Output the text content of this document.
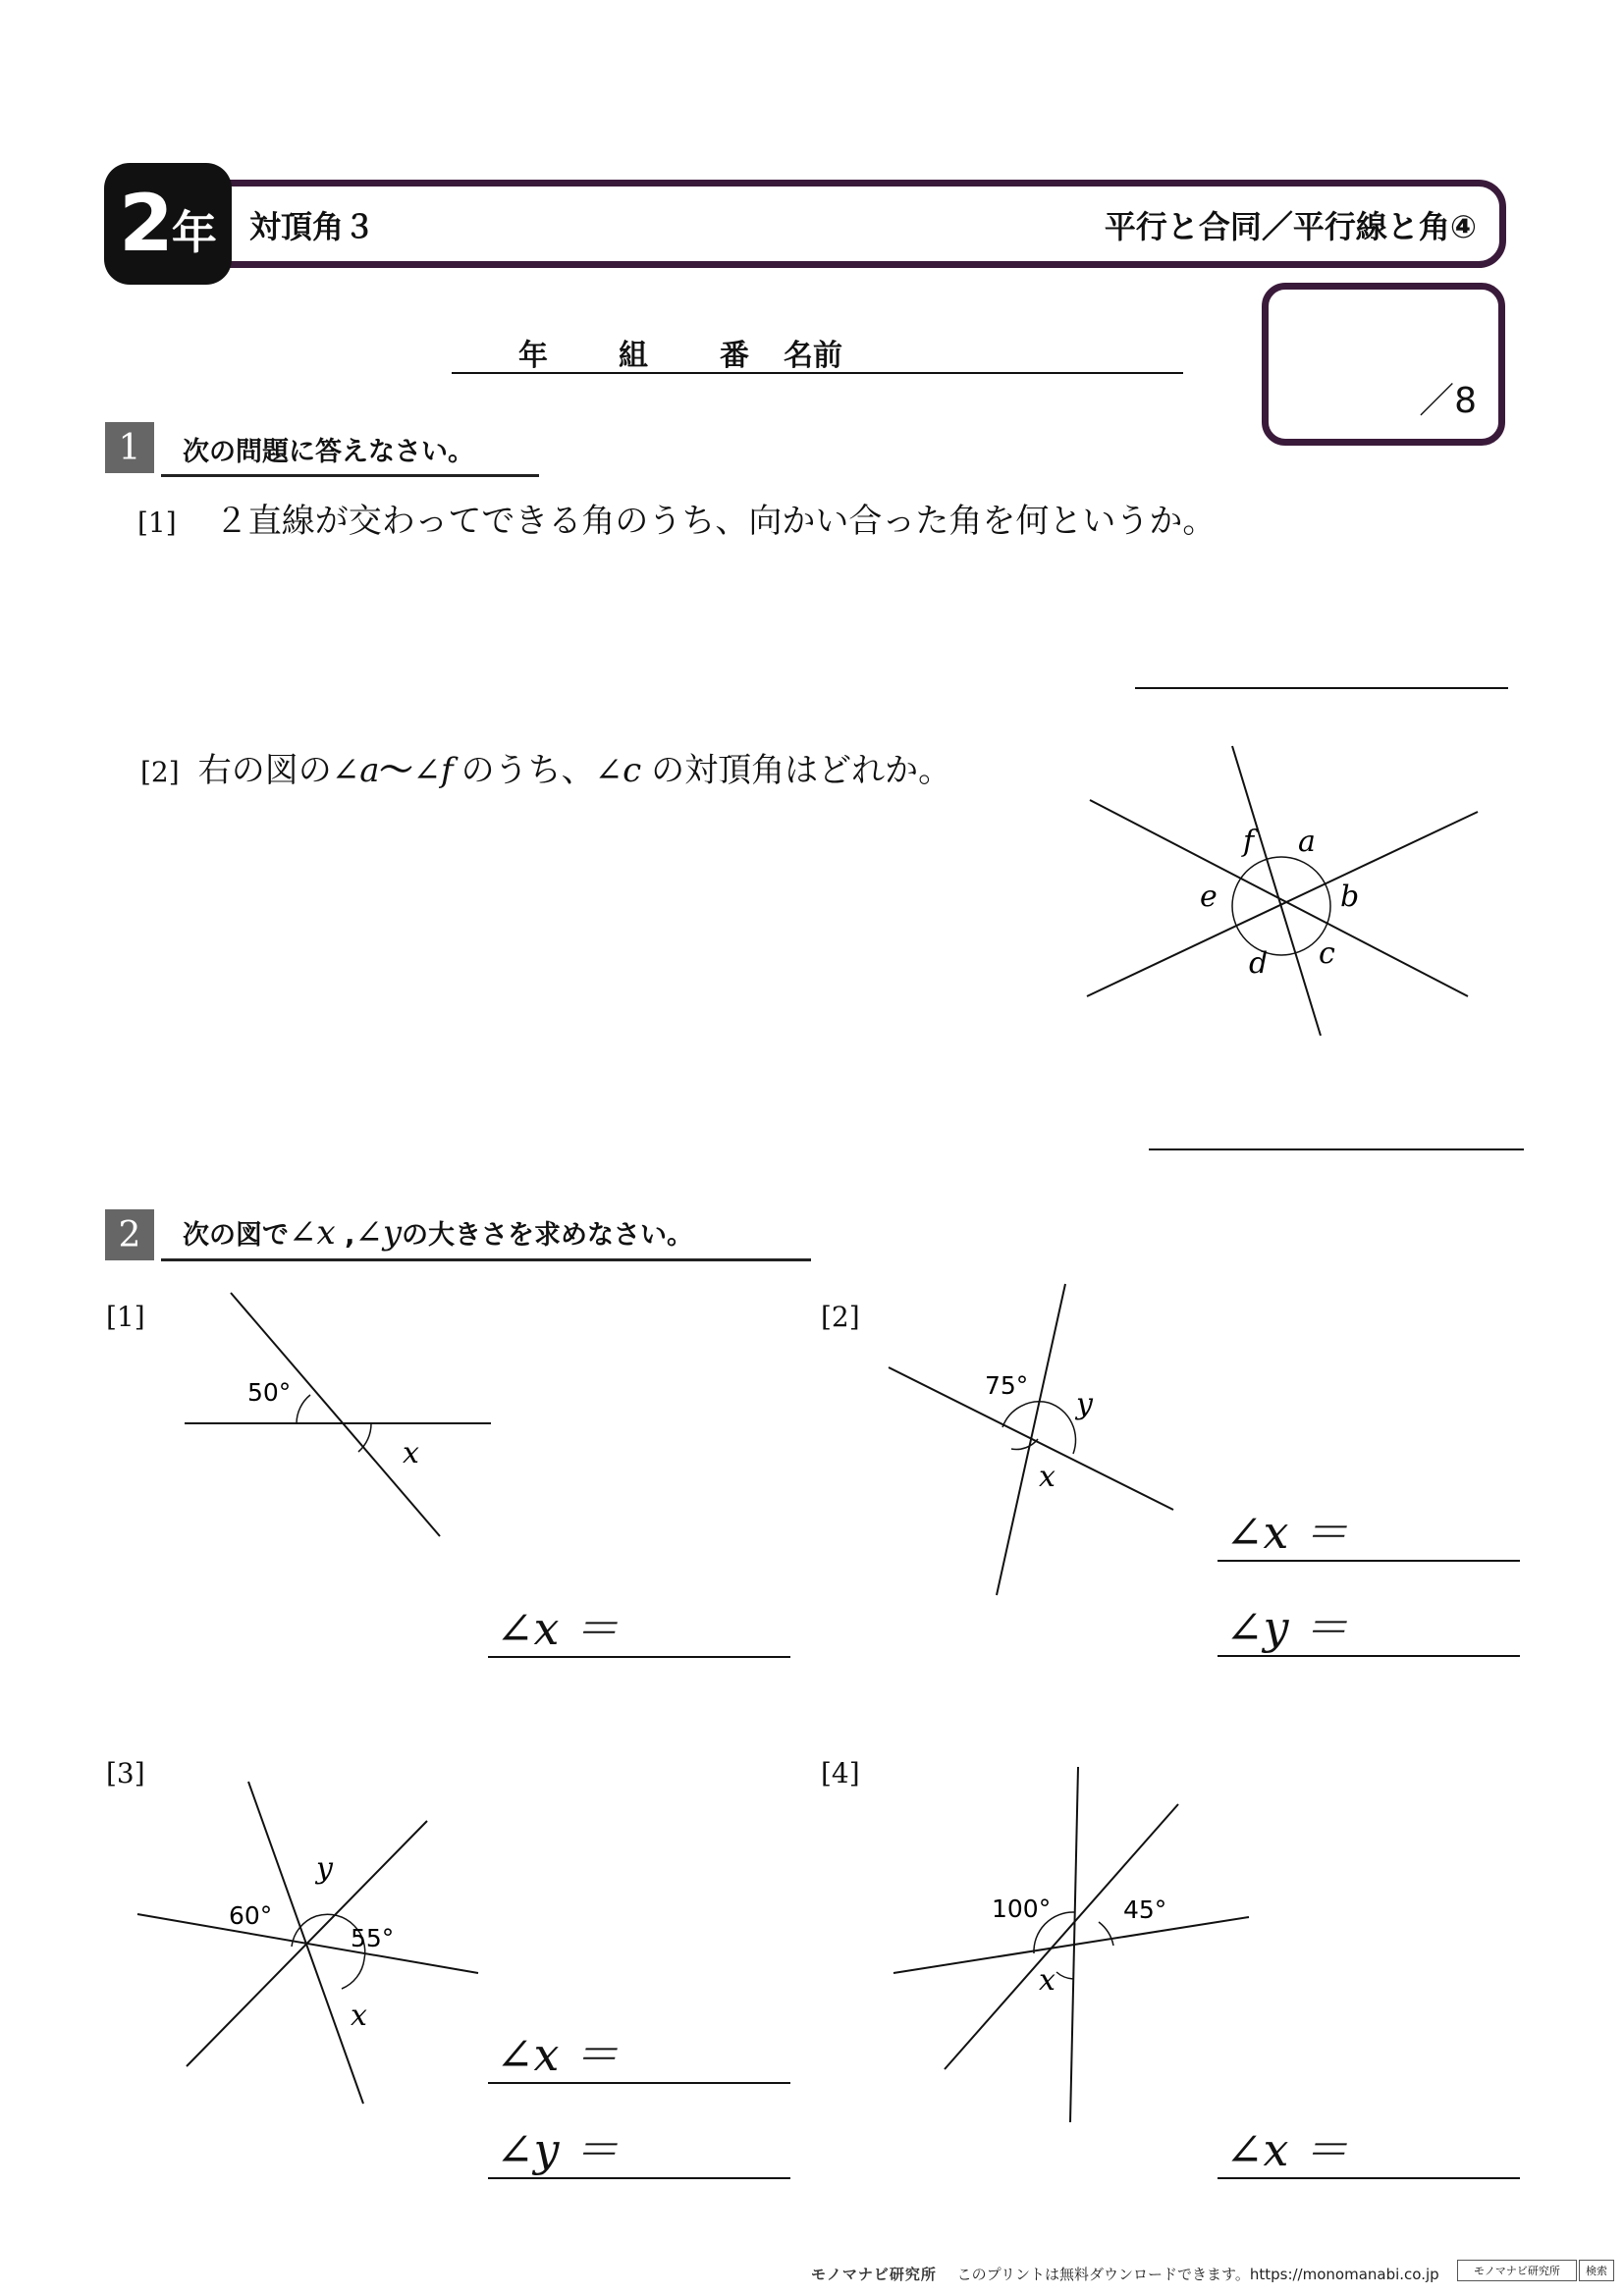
2 年 対頂角３	平行と合同／平行線と角④
年 組 番 名前
／8
1	次の問題に答えなさい。
[1] ２直線が交わってできる角のうち、向かい合った角を何というか。
[2] 右の図の∠a〜∠f のうち、∠c の対頂角はどれか。
f a
b
c
d
e
2	次の図で∠x ,∠yの大きさを求めなさい。
[1]
50°
x
∠x ＝
[2]
75°
y
x
∠x ＝
∠y ＝
[3]
60°
55°
y
x
∠x ＝
∠y ＝
[4]
100°	45°
x
∠x ＝
モノマナビ研究所 このプリントは無料ダウンロードできます。https://monomanabi.co.jp	モノマナビ研究所	検索
